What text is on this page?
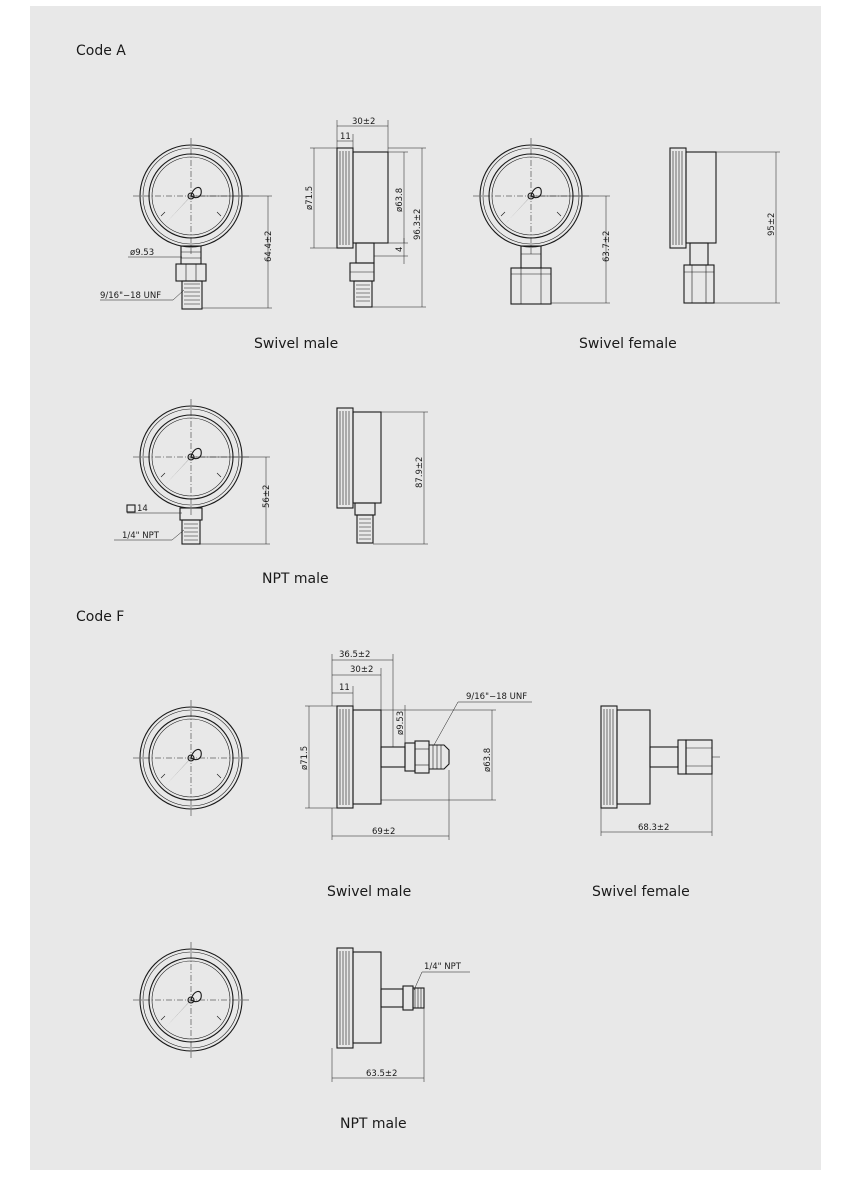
Code A
Code F
ø9.53
9/16"−18 UNF
64.4±2
30±2
11
ø71.5	ø63.8
4
96.3±2
Swivel male
63.7±2
95±2
Swivel female
14
1/4" NPT
56±2
87.9±2
NPT male
36.5±2
30±2
11
ø9.53
9/16"−18 UNF
ø71.5	ø63.8
69±2
Swivel male
68.3±2
Swivel female
1/4" NPT
63.5±2
NPT male
